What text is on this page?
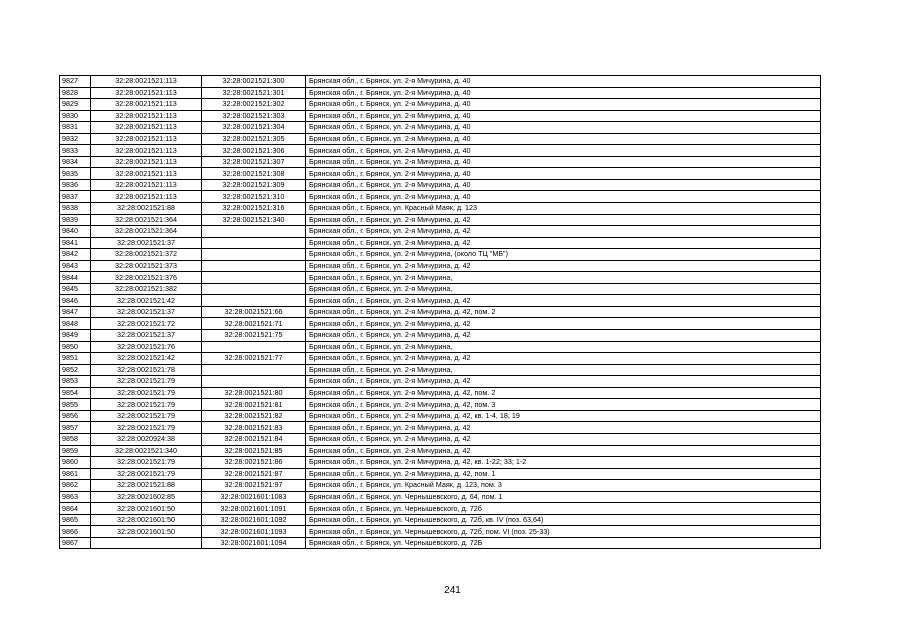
9827	32:28:0021521:113	32:28:0021521:300	Брянская обл., г. Брянск, ул. 2-я Мичурина, д. 40
9828	32:28:0021521:113	32:28:0021521:301	Брянская обл., г. Брянск, ул. 2-я Мичурина, д. 40
9829	32:28:0021521:113	32:28:0021521:302	Брянская обл., г. Брянск, ул. 2-я Мичурина, д. 40
9830	32:28:0021521:113	32:28:0021521:303	Брянская обл., г. Брянск, ул. 2-я Мичурина, д. 40
9831	32:28:0021521:113	32:28:0021521:304	Брянская обл., г. Брянск, ул. 2-я Мичурина, д. 40
9832	32:28:0021521:113	32:28:0021521:305	Брянская обл., г. Брянск, ул. 2-я Мичурина, д. 40
9833	32:28:0021521:113	32:28:0021521:306	Брянская обл., г. Брянск, ул. 2-я Мичурина, д. 40
9834	32:28:0021521:113	32:28:0021521:307	Брянская обл., г. Брянск, ул. 2-я Мичурина, д. 40
9835	32:28:0021521:113	32:28:0021521:308	Брянская обл., г. Брянск, ул. 2-я Мичурина, д. 40
9836	32:28:0021521:113	32:28:0021521:309	Брянская обл., г. Брянск, ул. 2-я Мичурина, д. 40
9837	32:28:0021521:113	32:28:0021521:310	Брянская обл., г. Брянск, ул. 2-я Мичурина, д. 40
9838	32:28:0021521:88	32:28:0021521:316	Брянская обл., г. Брянск, ул. Красный Маяк, д. 123
9839	32:28:0021521:364	32:28:0021521:340	Брянская обл., г. Брянск, ул. 2-я Мичурина, д. 42
9840	32:28:0021521:364		Брянская обл., г. Брянск, ул. 2-я Мичурина, д. 42
9841	32:28:0021521:37		Брянская обл., г. Брянск, ул. 2-я Мичурина, д. 42
9842	32:28:0021521:372		Брянская обл., г. Брянск, ул. 2-я Мичурина, (около ТЦ "МБ")
9843	32:28:0021521:373		Брянская обл., г. Брянск, ул. 2-я Мичурина, д. 42
9844	32:28:0021521:376		Брянская обл., г. Брянск, ул. 2-я Мичурина,
9845	32:28:0021521:382		Брянская обл., г. Брянск, ул. 2-я Мичурина,
9846	32:28:0021521:42		Брянская обл., г. Брянск, ул. 2-я Мичурина, д. 42
9847	32:28:0021521:37	32:28:0021521:66	Брянская обл., г. Брянск, ул. 2-я Мичурина, д. 42, пом. 2
9848	32:28:0021521:72	32:28:0021521:71	Брянская обл., г. Брянск, ул. 2-я Мичурина, д. 42
9849	32:28:0021521:37	32:28:0021521:75	Брянская обл., г. Брянск, ул. 2-я Мичурина, д. 42
9850	32:28:0021521:76		Брянская обл., г. Брянск, ул. 2-я Мичурина,
9851	32:28:0021521:42	32:28:0021521:77	Брянская обл., г. Брянск, ул. 2-я Мичурина, д. 42
9852	32:28:0021521:78		Брянская обл., г. Брянск, ул. 2-я Мичурина,
9853	32:28:0021521:79		Брянская обл., г. Брянск, ул. 2-я Мичурина, д. 42
9854	32:28:0021521:79	32:28:0021521:80	Брянская обл., г. Брянск, ул. 2-я Мичурина, д. 42, пом. 2
9855	32:28:0021521:79	32:28:0021521:81	Брянская обл., г. Брянск, ул. 2-я Мичурина, д. 42, пом. 3
9856	32:28:0021521:79	32:28:0021521:82	Брянская обл., г. Брянск, ул. 2-я Мичурина, д. 42, кв. 1-4, 18, 19
9857	32:28:0021521:79	32:28:0021521:83	Брянская обл., г. Брянск, ул. 2-я Мичурина, д. 42
9858	32:28:0020924:38	32:28:0021521:84	Брянская обл., г. Брянск, ул. 2-я Мичурина, д. 42
9859	32:28:0021521:340	32:28:0021521:85	Брянская обл., г. Брянск, ул. 2-я Мичурина, д. 42
9860	32:28:0021521:79	32:28:0021521:86	Брянская обл., г. Брянск, ул. 2-я Мичурина, д. 42, кв. 1-22; 33; 1-2
9861	32:28:0021521:79	32:28:0021521:87	Брянская обл., г. Брянск, ул. 2-я Мичурина, д. 42, пом. 1
9862	32:28:0021521:88	32:28:0021521:97	Брянская обл., г. Брянск, ул. Красный Маяк, д. 123, пом. 3
9863	32:28:0021602:85	32:28:0021601:1083	Брянская обл., г. Брянск, ул. Чернышевского, д. 64, пом. 1
9864	32:28:0021601:50	32:28:0021601:1091	Брянская обл., г. Брянск, ул. Чернышевского, д. 72б
9865	32:28:0021601:50	32:28:0021601:1092	Брянская обл., г. Брянск, ул. Чернышевского, д. 72б, кв. IV (поз. 63,64)
9866	32:28:0021601:50	32:28:0021601:1093	Брянская обл., г. Брянск, ул. Чернышевского, д. 72б, пом. VI (поз. 25-33)
9867		32:28:0021601:1094	Брянская обл., г. Брянск, ул. Чернышевского, д. 72Б
241
